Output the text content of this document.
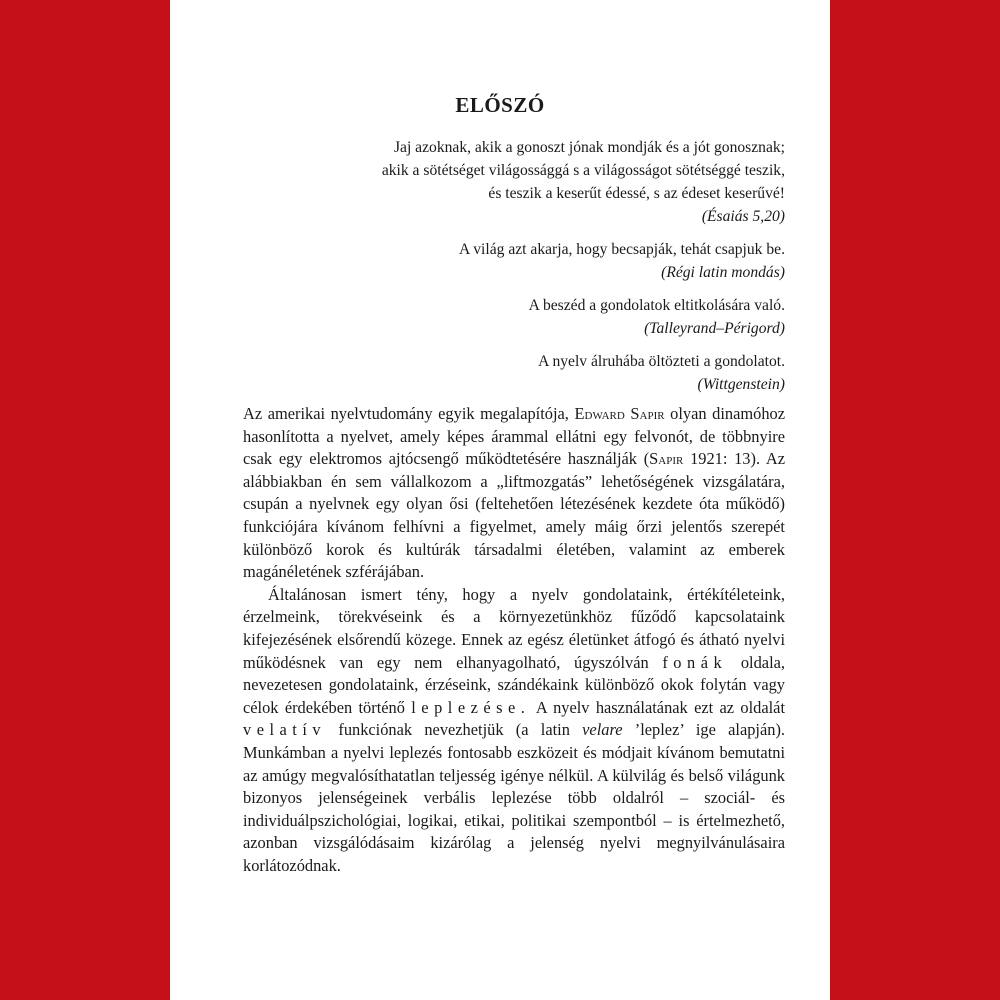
ELŐSZÓ

Jaj azoknak, akik a gonoszt jónak mondják és a jót gonosznak;

akik a sötétséget világossággá s a világosságot sötétséggé teszik,

és teszik a keserűt édessé, s az édeset keserűvé!

(Ésaiás 5,20)

A világ azt akarja, hogy becsapják, tehát csapjuk be.

(Régi latin mondás)

A beszéd a gondolatok eltitkolására való.

(Talleyrand–Périgord)

A nyelv álruhába öltözteti a gondolatot.

(Wittgenstein)

Az amerikai nyelvtudomány egyik megalapítója, Edward Sapir olyan dinamóhoz hasonlította a nyelvet, amely képes árammal ellátni egy felvonót, de többnyire csak egy elektromos ajtócsengő működtetésére használják (Sapir 1921: 13). Az alábbiakban én sem vállalkozom a „liftmozgatás” lehetőségének vizsgálatára, csupán a nyelvnek egy olyan ősi (feltehetően létezésének kezdete óta működő) funkciójára kívánom felhívni a figyelmet, amely máig őrzi jelentős szerepét különböző korok és kultúrák társadalmi életében, valamint az emberek magánéletének szférájában.

Általánosan ismert tény, hogy a nyelv gondolataink, értékítéleteink, érzelmeink, törekvéseink és a környezetünkhöz fűződő kapcsolataink kifejezésének elsőrendű közege. Ennek az egész életünket átfogó és átható nyelvi működésnek van egy nem elhanyagolható, úgyszólván fonák oldala, nevezetesen gondolataink, érzéseink, szándékaink különböző okok folytán vagy célok érdekében történő leplezése. A nyelv használatának ezt az oldalát velatív funkciónak nevezhetjük (a latin velare ’leplez’ ige alapján). Munkámban a nyelvi leplezés fontosabb eszközeit és módjait kívánom bemutatni az amúgy megvalósíthatatlan teljesség igénye nélkül. A külvilág és belső világunk bizonyos jelenségeinek verbális leplezése több oldalról – szociál- és individuálpszichológiai, logikai, etikai, politikai szempontból – is értelmezhető, azonban vizsgálódásaim kizárólag a jelenség nyelvi megnyilvánulásaira korlátozódnak.
